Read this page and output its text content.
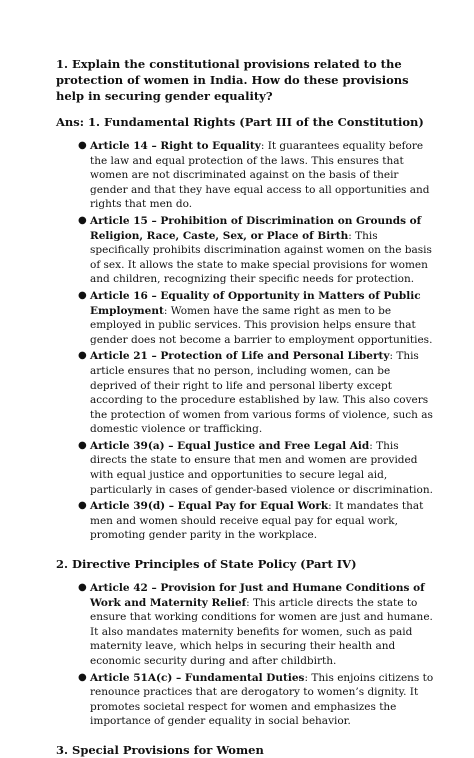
1. Explain the constitutional provisions related to the protection of women in India. How do these provisions help in securing gender equality?

Ans: 1. Fundamental Rights (Part III of the Constitution)

● Article 14 – Right to Equality: It guarantees equality before the law and equal protection of the laws. This ensures that women are not discriminated against on the basis of their gender and that they have equal access to all opportunities and rights that men do.
● Article 15 – Prohibition of Discrimination on Grounds of Religion, Race, Caste, Sex, or Place of Birth: This specifically prohibits discrimination against women on the basis of sex. It allows the state to make special provisions for women and children, recognizing their specific needs for protection.
● Article 16 – Equality of Opportunity in Matters of Public Employment: Women have the same right as men to be employed in public services. This provision helps ensure that gender does not become a barrier to employment opportunities.
● Article 21 – Protection of Life and Personal Liberty: This article ensures that no person, including women, can be deprived of their right to life and personal liberty except according to the procedure established by law. This also covers the protection of women from various forms of violence, such as domestic violence or trafficking.
● Article 39(a) – Equal Justice and Free Legal Aid: This directs the state to ensure that men and women are provided with equal justice and opportunities to secure legal aid, particularly in cases of gender-based violence or discrimination.
● Article 39(d) – Equal Pay for Equal Work: It mandates that men and women should receive equal pay for equal work, promoting gender parity in the workplace.

2. Directive Principles of State Policy (Part IV)

● Article 42 – Provision for Just and Humane Conditions of Work and Maternity Relief: This article directs the state to ensure that working conditions for women are just and humane. It also mandates maternity benefits for women, such as paid maternity leave, which helps in securing their health and economic security during and after childbirth.
● Article 51A(c) – Fundamental Duties: This enjoins citizens to renounce practices that are derogatory to women’s dignity. It promotes societal respect for women and emphasizes the importance of gender equality in social behavior.

3. Special Provisions for Women
